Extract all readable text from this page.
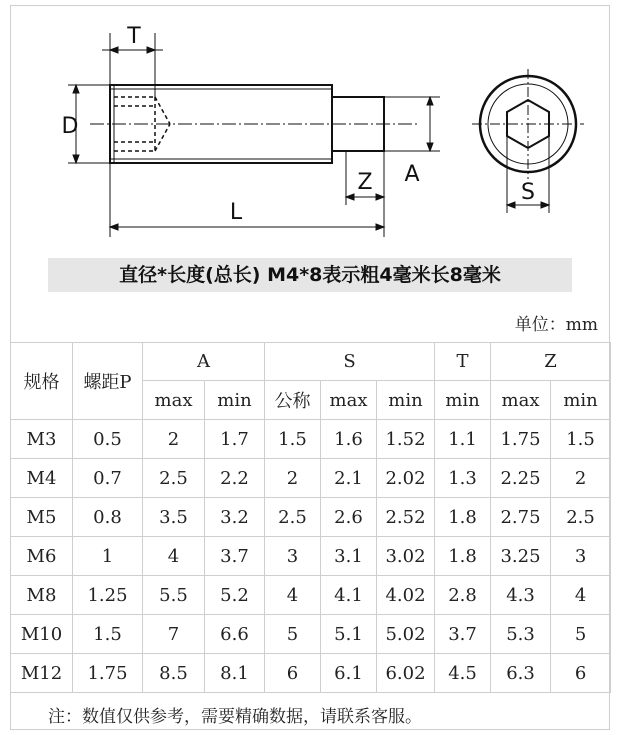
T
D
Z A
L
S
直径*长度(总长) M4*8表示粗4毫米长8毫米
单位：mm
规格	螺距P	A		S			T	Z	
		max	min	公称	max	min	min	max	min
M3	0.5	2	1.7	1.5	1.6	1.52	1.1	1.75	1.5
M4	0.7	2.5	2.2	2	2.1	2.02	1.3	2.25	2
M5	0.8	3.5	3.2	2.5	2.6	2.52	1.8	2.75	2.5
M6	1	4	3.7	3	3.1	3.02	1.8	3.25	3
M8	1.25	5.5	5.2	4	4.1	4.02	2.8	4.3	4
M10	1.5	7	6.6	5	5.1	5.02	3.7	5.3	5
M12	1.75	8.5	8.1	6	6.1	6.02	4.5	6.3	6
注：数值仅供参考，需要精确数据，请联系客服。
